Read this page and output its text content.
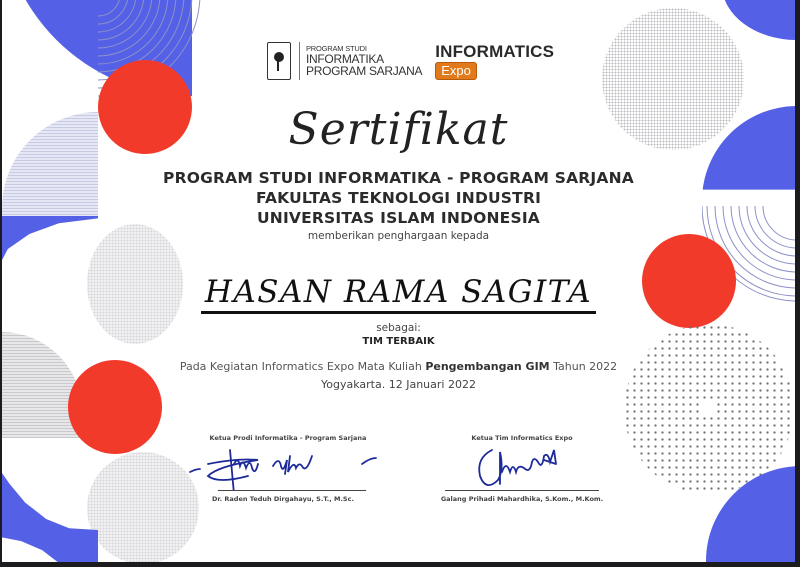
PROGRAM STUDI
INFORMATIKA
PROGRAM SARJANA
INFORMATICS
Expo
Sertifikat
PROGRAM STUDI INFORMATIKA - PROGRAM SARJANA
FAKULTAS TEKNOLOGI INDUSTRI
UNIVERSITAS ISLAM INDONESIA
memberikan penghargaan kepada
HASAN RAMA SAGITA
sebagai:
TIM TERBAIK
Pada Kegiatan Informatics Expo Mata Kuliah Pengembangan GIM Tahun 2022
Yogyakarta. 12 Januari 2022
Ketua Prodi Informatika - Program Sarjana
Dr. Raden Teduh Dirgahayu, S.T., M.Sc.
Ketua Tim Informatics Expo
Galang Prihadi Mahardhika, S.Kom., M.Kom.
